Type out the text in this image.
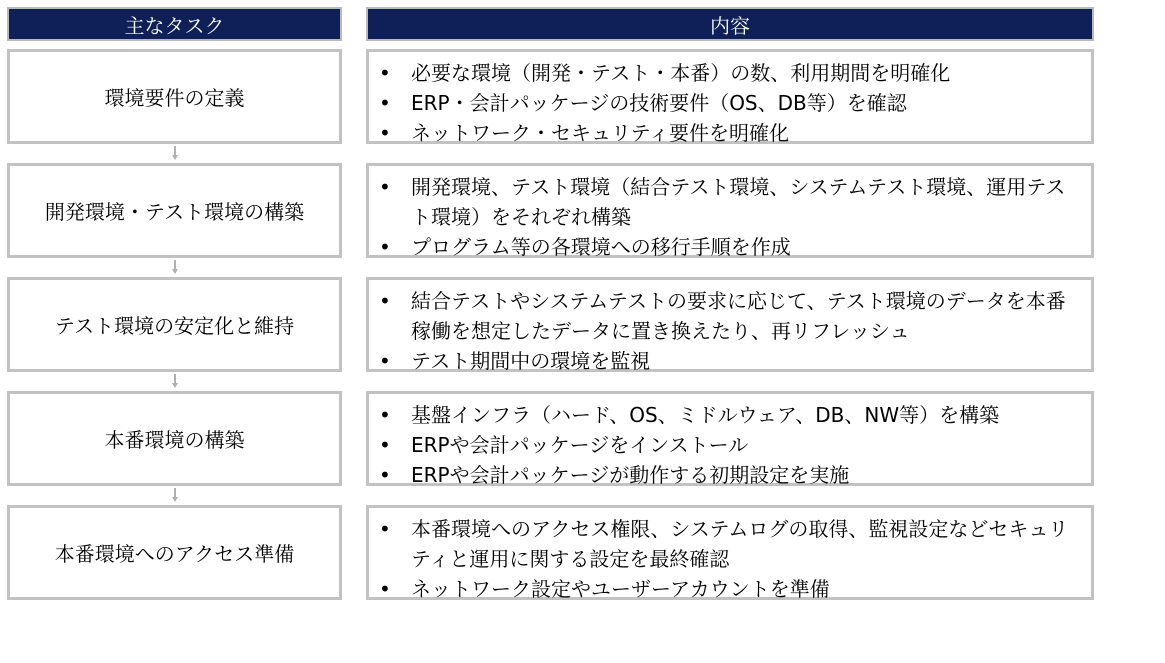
主なタスク	内容
環境要件の定義
• 必要な環境（開発・テスト・本番）の数、利用期間を明確化
• ERP・会計パッケージの技術要件（OS、DB等）を確認
• ネットワーク・セキュリティ要件を明確化
開発環境・テスト環境の構築
• 開発環境、テスト環境（結合テスト環境、システムテスト環境、運用テスト環境）をそれぞれ構築
• プログラム等の各環境への移行手順を作成
テスト環境の安定化と維持
• 結合テストやシステムテストの要求に応じて、テスト環境のデータを本番稼働を想定したデータに置き換えたり、再リフレッシュ
• テスト期間中の環境を監視
本番環境の構築
• 基盤インフラ（ハード、OS、ミドルウェア、DB、NW等）を構築
• ERPや会計パッケージをインストール
• ERPや会計パッケージが動作する初期設定を実施
本番環境へのアクセス準備
• 本番環境へのアクセス権限、システムログの取得、監視設定などセキュリティと運用に関する設定を最終確認
• ネットワーク設定やユーザーアカウントを準備
